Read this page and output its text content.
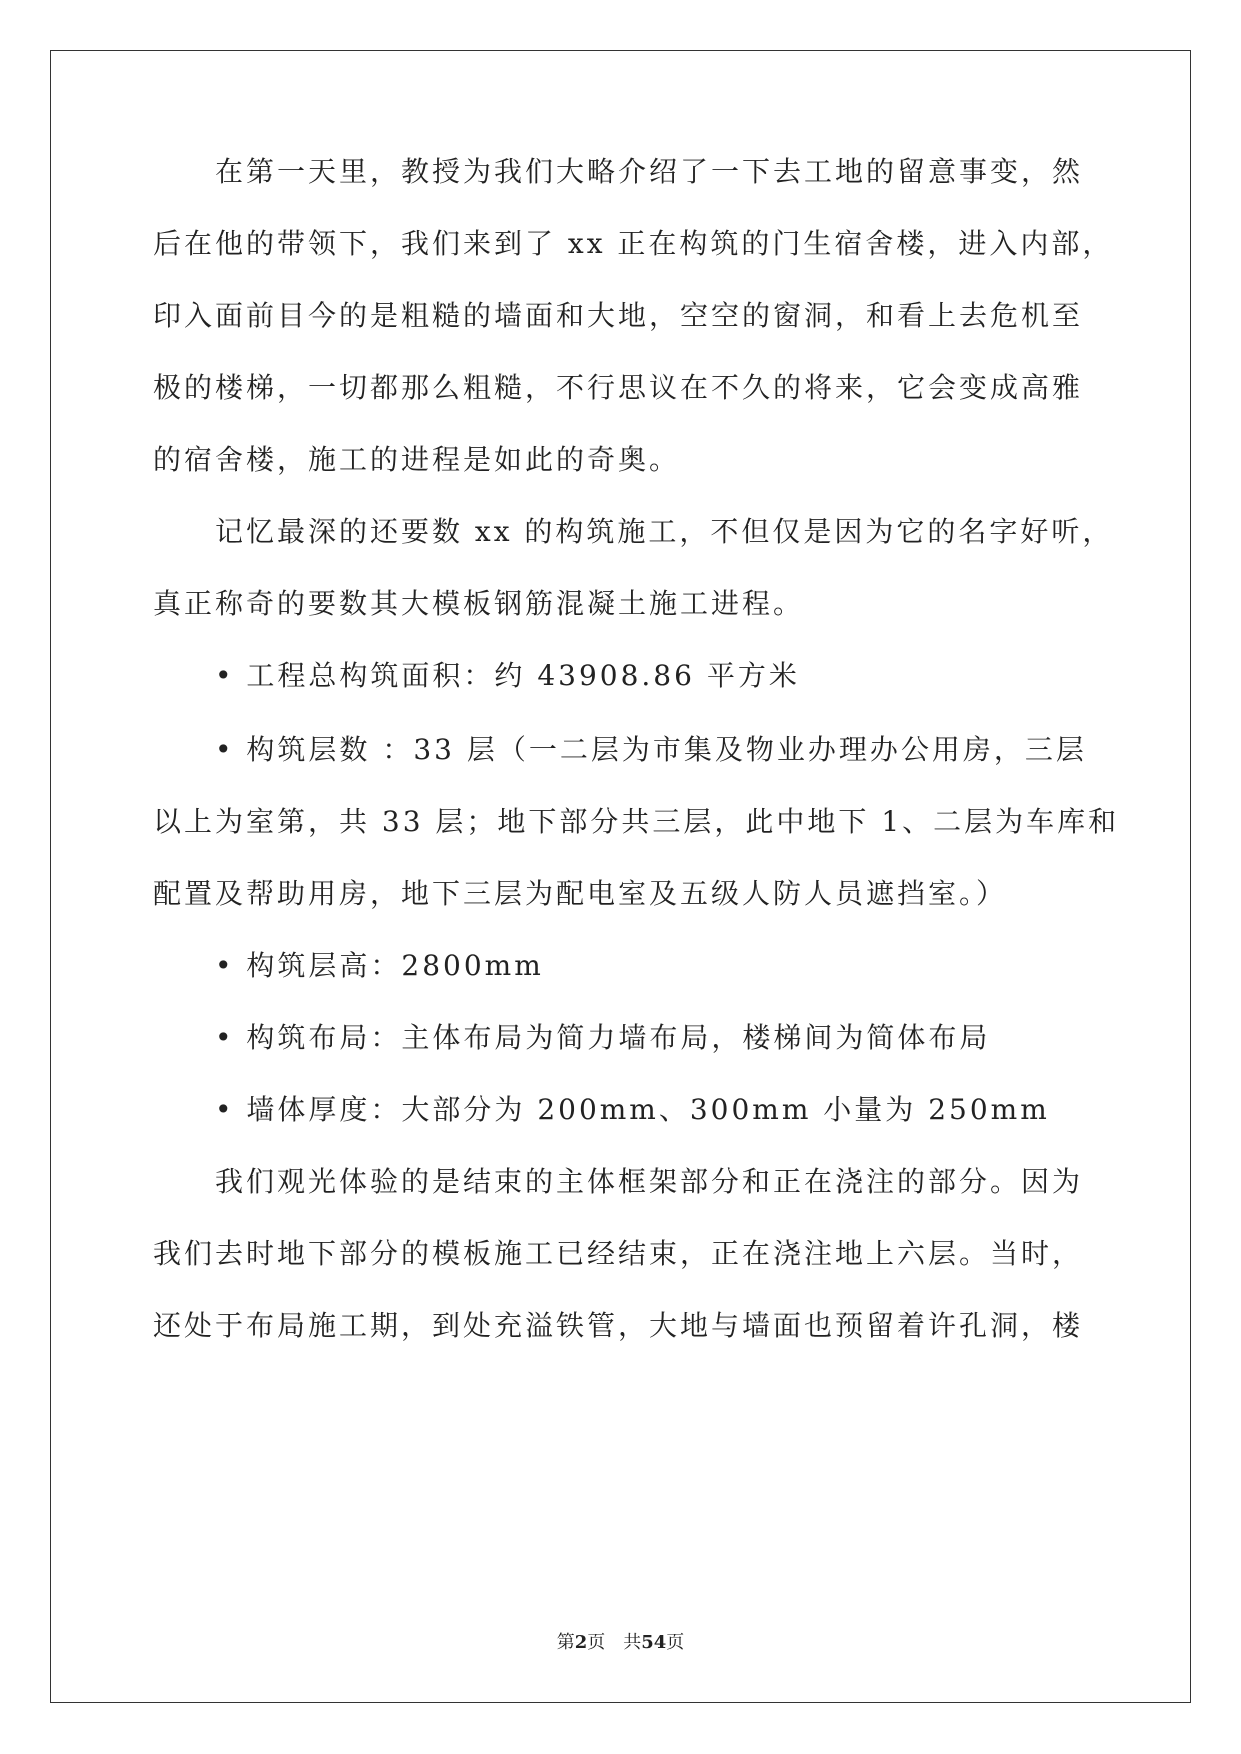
在第一天里，教授为我们大略介绍了一下去工地的留意事变，然
后在他的带领下，我们来到了 xx 正在构筑的门生宿舍楼，进入内部，
印入面前目今的是粗糙的墙面和大地，空空的窗洞，和看上去危机至
极的楼梯，一切都那么粗糙，不行思议在不久的将来，它会变成高雅
的宿舍楼，施工的进程是如此的奇奥。
记忆最深的还要数 xx 的构筑施工，不但仅是因为它的名字好听，
真正称奇的要数其大模板钢筋混凝土施工进程。
• 工程总构筑面积：约 43908.86 平方米
• 构筑层数 ：33 层（一二层为市集及物业办理办公用房，三层
以上为室第，共 33 层；地下部分共三层，此中地下 1、二层为车库和
配置及帮助用房，地下三层为配电室及五级人防人员遮挡室。）
• 构筑层高：2800mm
• 构筑布局：主体布局为简力墙布局，楼梯间为简体布局
• 墙体厚度：大部分为 200mm、300mm 小量为 250mm
我们观光体验的是结束的主体框架部分和正在浇注的部分。因为
我们去时地下部分的模板施工已经结束，正在浇注地上六层。当时，
还处于布局施工期，到处充溢铁管，大地与墙面也预留着许孔洞，楼
第2页 共54页
